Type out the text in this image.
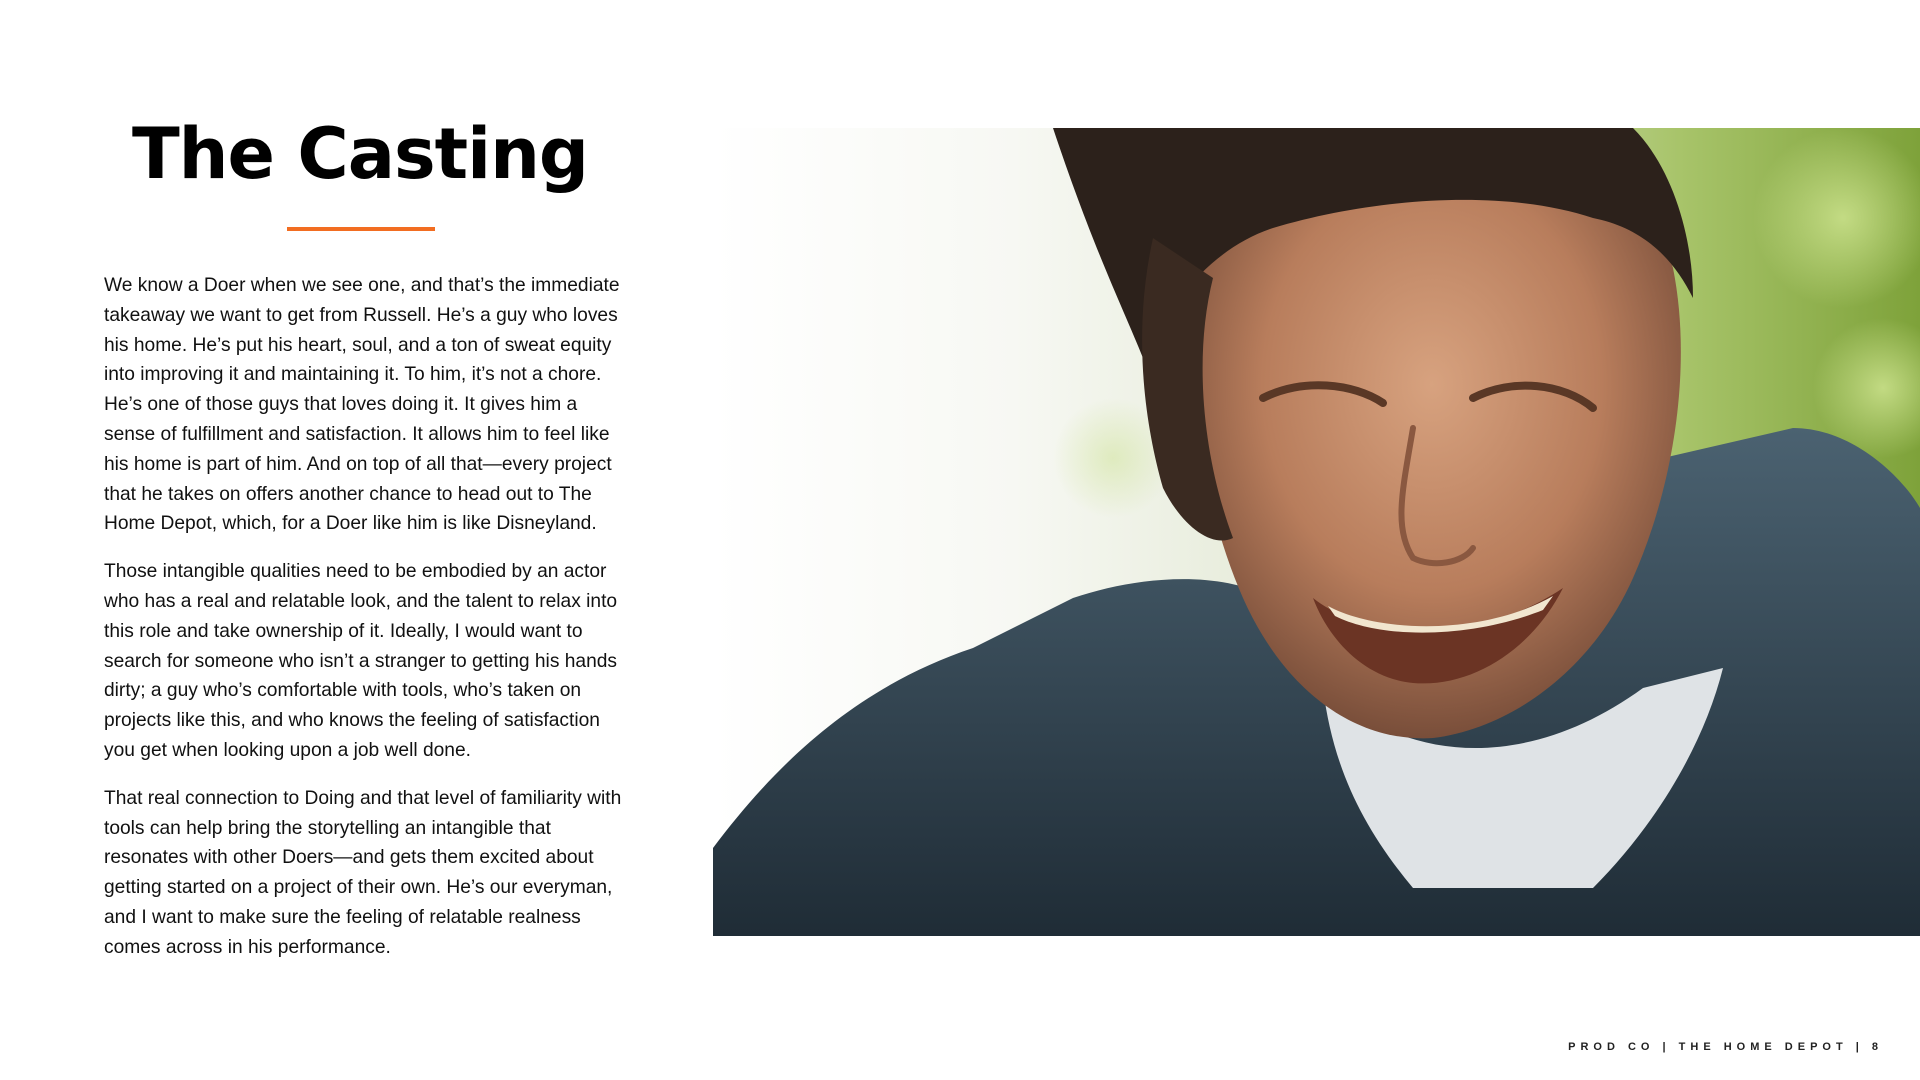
The Casting

We know a Doer when we see one, and that’s the immediate takeaway we want to get from Russell. He’s a guy who loves his home. He’s put his heart, soul, and a ton of sweat equity into improving it and maintaining it. To him, it’s not a chore. He’s one of those guys that loves doing it. It gives him a sense of fulfillment and satisfaction. It allows him to feel like his home is part of him. And on top of all that—every project that he takes on offers another chance to head out to The Home Depot, which, for a Doer like him is like Disneyland.

Those intangible qualities need to be embodied by an actor who has a real and relatable look, and the talent to relax into this role and take ownership of it. Ideally, I would want to search for someone who isn’t a stranger to getting his hands dirty; a guy who’s comfortable with tools, who’s taken on projects like this, and who knows the feeling of satisfaction you get when looking upon a job well done.

That real connection to Doing and that level of familiarity with tools can help bring the storytelling an intangible that resonates with other Doers—and gets them excited about getting started on a project of their own. He’s our everyman, and I want to make sure the feeling of relatable realness comes across in his performance.

PROD CO | THE HOME DEPOT | 8
